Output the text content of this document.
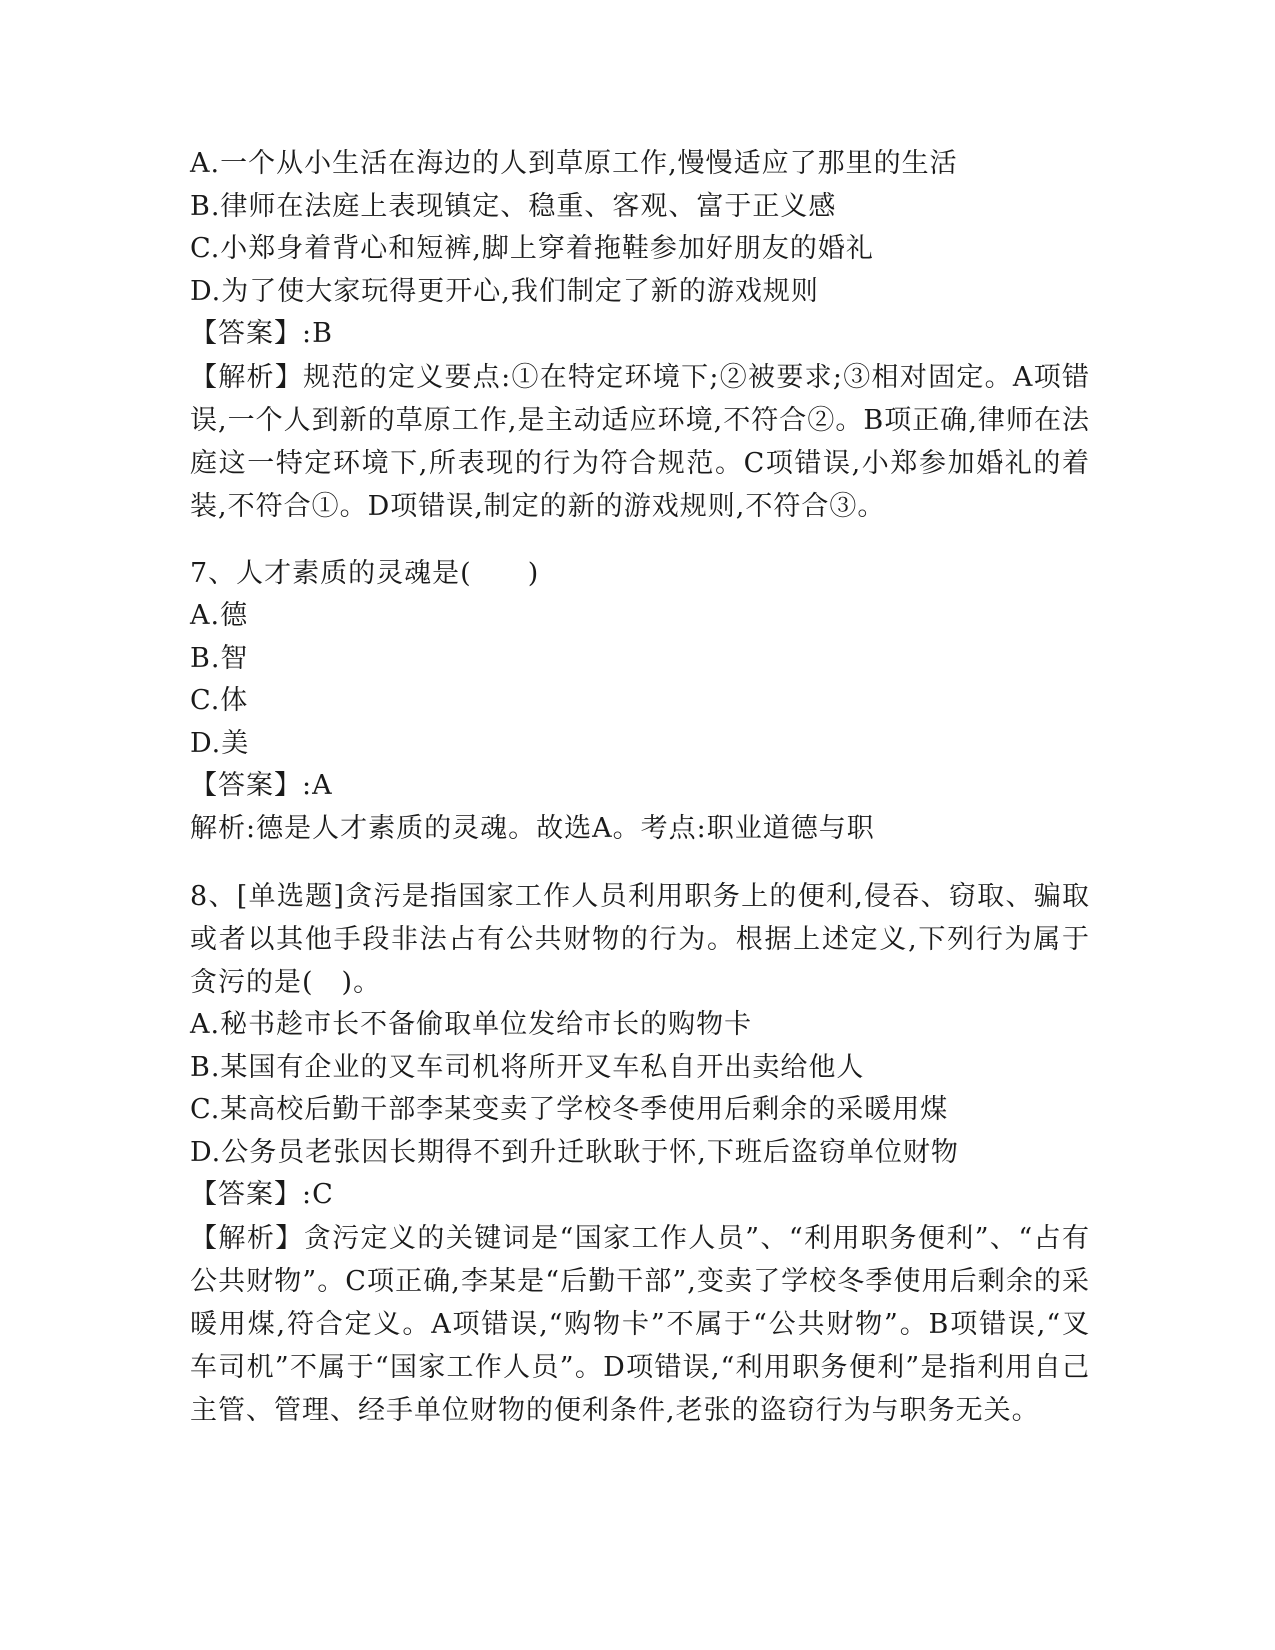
A.一个从小生活在海边的人到草原工作,慢慢适应了那里的生活
B.律师在法庭上表现镇定、稳重、客观、富于正义感
C.小郑身着背心和短裤,脚上穿着拖鞋参加好朋友的婚礼
D.为了使大家玩得更开心,我们制定了新的游戏规则
【答案】:B
【解析】规范的定义要点:①在特定环境下;②被要求;③相对固定。A项错误,一个人到新的草原工作,是主动适应环境,不符合②。B项正确,律师在法庭这一特定环境下,所表现的行为符合规范。C项错误,小郑参加婚礼的着装,不符合①。D项错误,制定的新的游戏规则,不符合③。
7、人才素质的灵魂是(　　)
A.德
B.智
C.体
D.美
【答案】:A
解析:德是人才素质的灵魂。故选A。考点:职业道德与职
8、[单选题]贪污是指国家工作人员利用职务上的便利,侵吞、窃取、骗取或者以其他手段非法占有公共财物的行为。根据上述定义,下列行为属于贪污的是(　)。
A.秘书趁市长不备偷取单位发给市长的购物卡
B.某国有企业的叉车司机将所开叉车私自开出卖给他人
C.某高校后勤干部李某变卖了学校冬季使用后剩余的采暖用煤
D.公务员老张因长期得不到升迁耿耿于怀,下班后盗窃单位财物
【答案】:C
【解析】贪污定义的关键词是“国家工作人员”、“利用职务便利”、“占有公共财物”。C项正确,李某是“后勤干部”,变卖了学校冬季使用后剩余的采暖用煤,符合定义。A项错误,“购物卡”不属于“公共财物”。B项错误,“叉车司机”不属于“国家工作人员”。D项错误,“利用职务便利”是指利用自己主管、管理、经手单位财物的便利条件,老张的盗窃行为与职务无关。
